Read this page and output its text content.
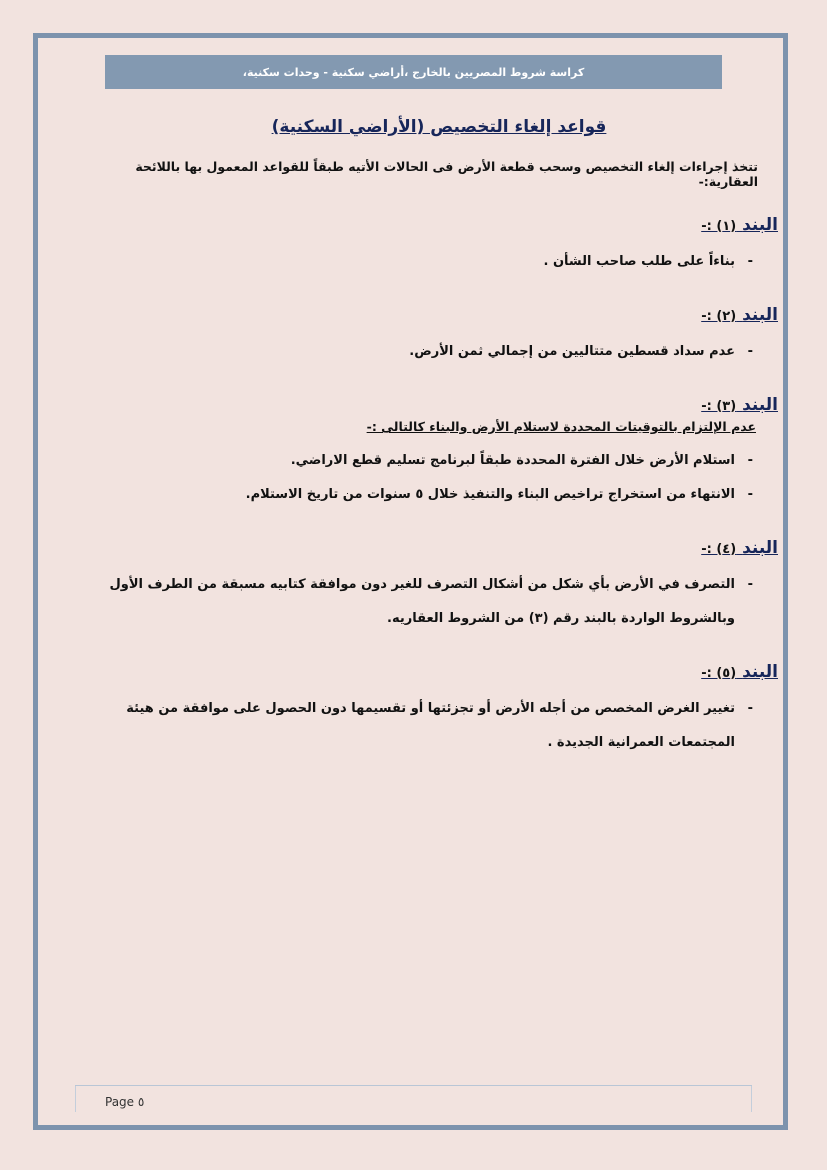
كراسة شروط المصريين بالخارج ،أراضي سكنية - وحدات سكنية،
قواعد إلغاء التخصيص (الأراضي السكنية)
تتخذ إجراءات إلغاء التخصيص وسحب قطعة الأرض فى الحالات الأتيه طبقاً للقواعد المعمول بها باللائحة العقارية:-
البند (١) :-
- بناءاً على طلب صاحب الشأن .
البند (٢) :-
- عدم سداد قسطين متتاليين من إجمالي ثمن الأرض.
البند (٣) :-
عدم الإلتزام بالتوقيتات المحددة لاستلام الأرض والبناء كالتالى :-
- استلام الأرض خلال الفترة المحددة طبقاً لبرنامج تسليم قطع الاراضي.
- الانتهاء من استخراج تراخيص البناء والتنفيذ خلال ٥ سنوات من تاريخ الاستلام.
البند (٤) :-
- التصرف في الأرض بأي شكل من أشكال التصرف للغير دون موافقة كتابيه مسبقة من الطرف الأول وبالشروط الواردة بالبند رقم (٣) من الشروط العقاريه.
البند (٥) :-
- تغيير الغرض المخصص من أجله الأرض أو تجزئتها أو تقسيمها دون الحصول على موافقة من هيئة المجتمعات العمرانية الجديدة .
Page ٥
